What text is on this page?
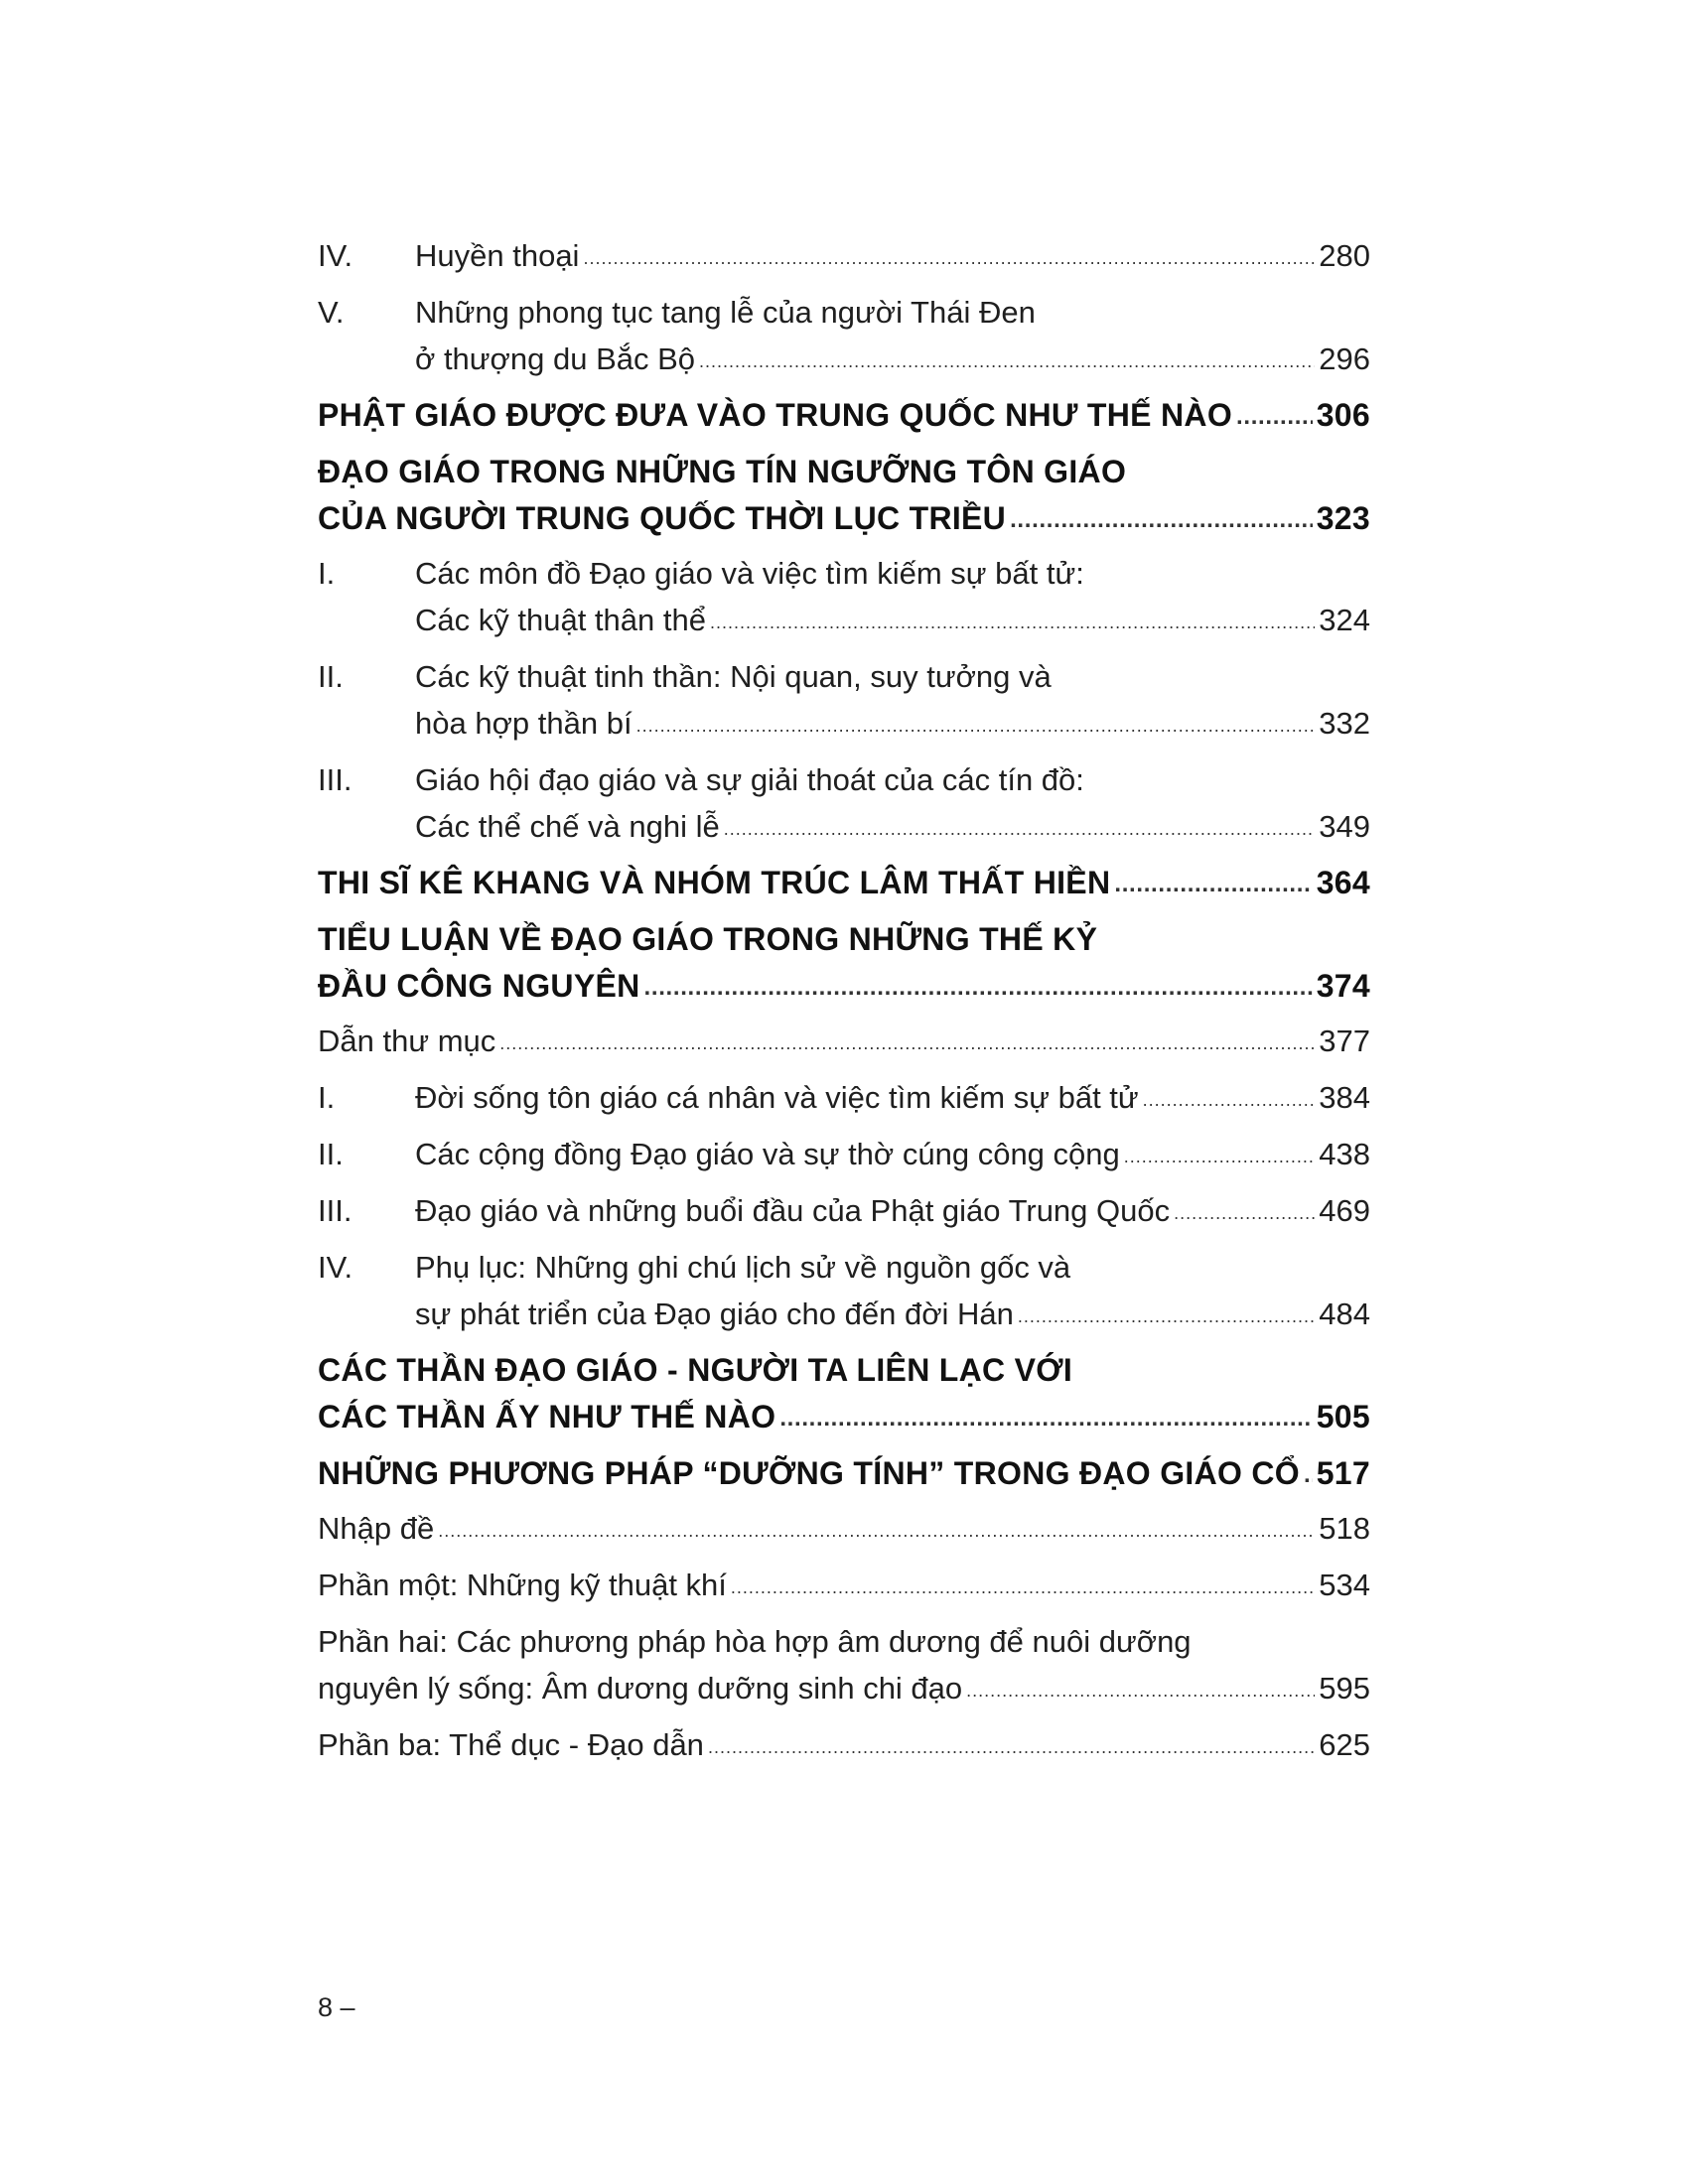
IV.	Huyền thoại . . .	280
V.	Những phong tục tang lễ của người Thái Đen
ở thượng du Bắc Bộ . . .	296
PHẬT GIÁO ĐƯỢC ĐƯA VÀO TRUNG QUỐC NHƯ THẾ NÀO . . .	306
ĐẠO GIÁO TRONG NHỮNG TÍN NGƯỠNG TÔN GIÁO
CỦA NGƯỜI TRUNG QUỐC THỜI LỤC TRIỀU . . .	323
I.	Các môn đồ Đạo giáo và việc tìm kiếm sự bất tử:
Các kỹ thuật thân thể . . .	324
II.	Các kỹ thuật tinh thần: Nội quan, suy tưởng và
hòa hợp thần bí . . .	332
III.	Giáo hội đạo giáo và sự giải thoát của các tín đồ:
Các thể chế và nghi lễ . . .	349
THI SĨ KÊ KHANG VÀ NHÓM TRÚC LÂM THẤT HIỀN . . .	364
TIỂU LUẬN VỀ ĐẠO GIÁO TRONG NHỮNG THẾ KỶ
ĐẦU CÔNG NGUYÊN . . .	374
Dẫn thư mục . . .	377
I.	Đời sống tôn giáo cá nhân và việc tìm kiếm sự bất tử . . .	384
II.	Các cộng đồng Đạo giáo và sự thờ cúng công cộng . . .	438
III.	Đạo giáo và những buổi đầu của Phật giáo Trung Quốc . . .	469
IV.	Phụ lục: Những ghi chú lịch sử về nguồn gốc và
sự phát triển của Đạo giáo cho đến đời Hán . . .	484
CÁC THẦN ĐẠO GIÁO - NGƯỜI TA LIÊN LẠC VỚI
CÁC THẦN ẤY NHƯ THẾ NÀO . . .	505
NHỮNG PHƯƠNG PHÁP “DƯỠNG TÍNH” TRONG ĐẠO GIÁO CỔ . . . 517
Nhập đề . . .	518
Phần một: Những kỹ thuật khí . . .	534
Phần hai: Các phương pháp hòa hợp âm dương để nuôi dưỡng
nguyên lý sống: Âm dương dưỡng sinh chi đạo . . .	595
Phần ba: Thể dục - Đạo dẫn . . .	625
8 –
